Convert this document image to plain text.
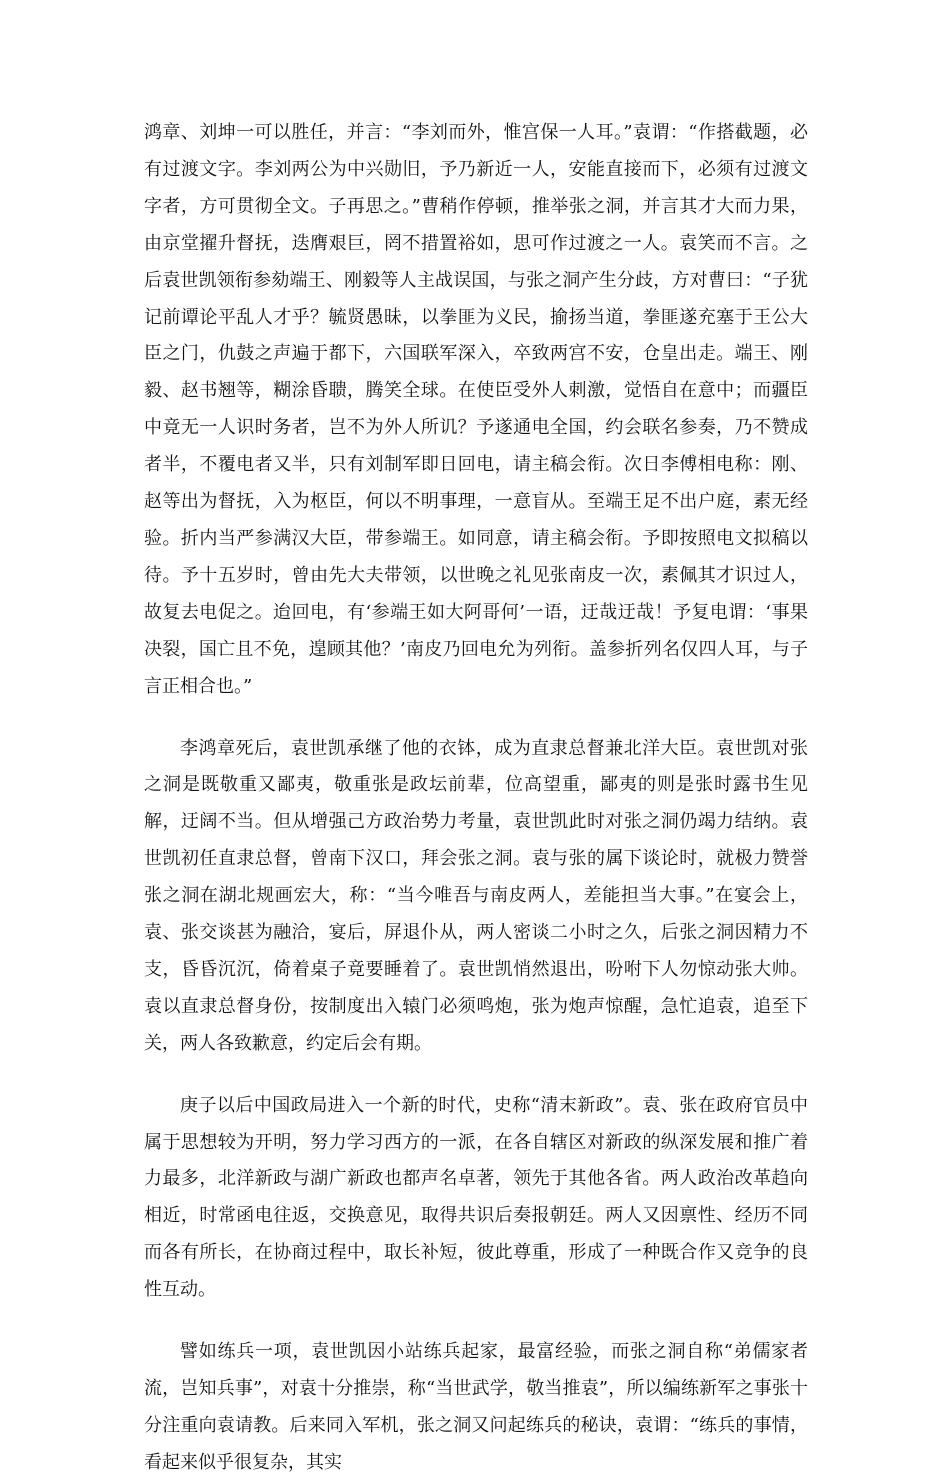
鸿章、刘坤一可以胜任，并言：“李刘而外，惟宫保一人耳。”袁谓：“作搭截题，必有过渡文字。李刘两公为中兴勋旧，予乃新近一人，安能直接而下，必须有过渡文字者，方可贯彻全文。子再思之。”曹稍作停顿，推举张之洞，并言其才大而力果，由京堂擢升督抚，迭膺艰巨，罔不措置裕如，思可作过渡之一人。袁笑而不言。之后袁世凯领衔参劾端王、刚毅等人主战误国，与张之洞产生分歧，方对曹曰：“子犹记前谭论平乱人才乎？毓贤愚昧，以拳匪为义民，揄扬当道，拳匪遂充塞于王公大臣之门，仇鼓之声遍于都下，六国联军深入，卒致两宫不安，仓皇出走。端王、刚毅、赵书翘等，糊涂昏聩，腾笑全球。在使臣受外人刺激，觉悟自在意中；而疆臣中竟无一人识时务者，岂不为外人所讥？予遂通电全国，约会联名参奏，乃不赞成者半，不覆电者又半，只有刘制军即日回电，请主稿会衔。次日李傅相电称：刚、赵等出为督抚，入为枢臣，何以不明事理，一意盲从。至端王足不出户庭，素无经验。折内当严参满汉大臣，带参端王。如同意，请主稿会衔。予即按照电文拟稿以待。予十五岁时，曾由先大夫带领，以世晚之礼见张南皮一次，素佩其才识过人，故复去电促之。迨回电，有‘参端王如大阿哥何’一语，迂哉迂哉！予复电谓：‘事果决裂，国亡且不免，遑顾其他？’南皮乃回电允为列衔。盖参折列名仅四人耳，与子言正相合也。”

李鸿章死后，袁世凯承继了他的衣钵，成为直隶总督兼北洋大臣。袁世凯对张之洞是既敬重又鄙夷，敬重张是政坛前辈，位高望重，鄙夷的则是张时露书生见解，迂阔不当。但从增强己方政治势力考量，袁世凯此时对张之洞仍竭力结纳。袁世凯初任直隶总督，曾南下汉口，拜会张之洞。袁与张的属下谈论时，就极力赞誉张之洞在湖北规画宏大，称：“当今唯吾与南皮两人，差能担当大事。”在宴会上，袁、张交谈甚为融洽，宴后，屏退仆从，两人密谈二小时之久，后张之洞因精力不支，昏昏沉沉，倚着桌子竟要睡着了。袁世凯悄然退出，吩咐下人勿惊动张大帅。袁以直隶总督身份，按制度出入辕门必须鸣炮，张为炮声惊醒，急忙追袁，追至下关，两人各致歉意，约定后会有期。

庚子以后中国政局进入一个新的时代，史称“清末新政”。袁、张在政府官员中属于思想较为开明，努力学习西方的一派，在各自辖区对新政的纵深发展和推广着力最多，北洋新政与湖广新政也都声名卓著，领先于其他各省。两人政治改革趋向相近，时常函电往返，交换意见，取得共识后奏报朝廷。两人又因禀性、经历不同而各有所长，在协商过程中，取长补短，彼此尊重，形成了一种既合作又竞争的良性互动。

譬如练兵一项，袁世凯因小站练兵起家，最富经验，而张之洞自称“弟儒家者流，岂知兵事”，对袁十分推崇，称“当世武学，敬当推袁”，所以编练新军之事张十分注重向袁请教。后来同入军机，张之洞又问起练兵的秘诀，袁谓：“练兵的事情，看起来似乎很复杂，其实
